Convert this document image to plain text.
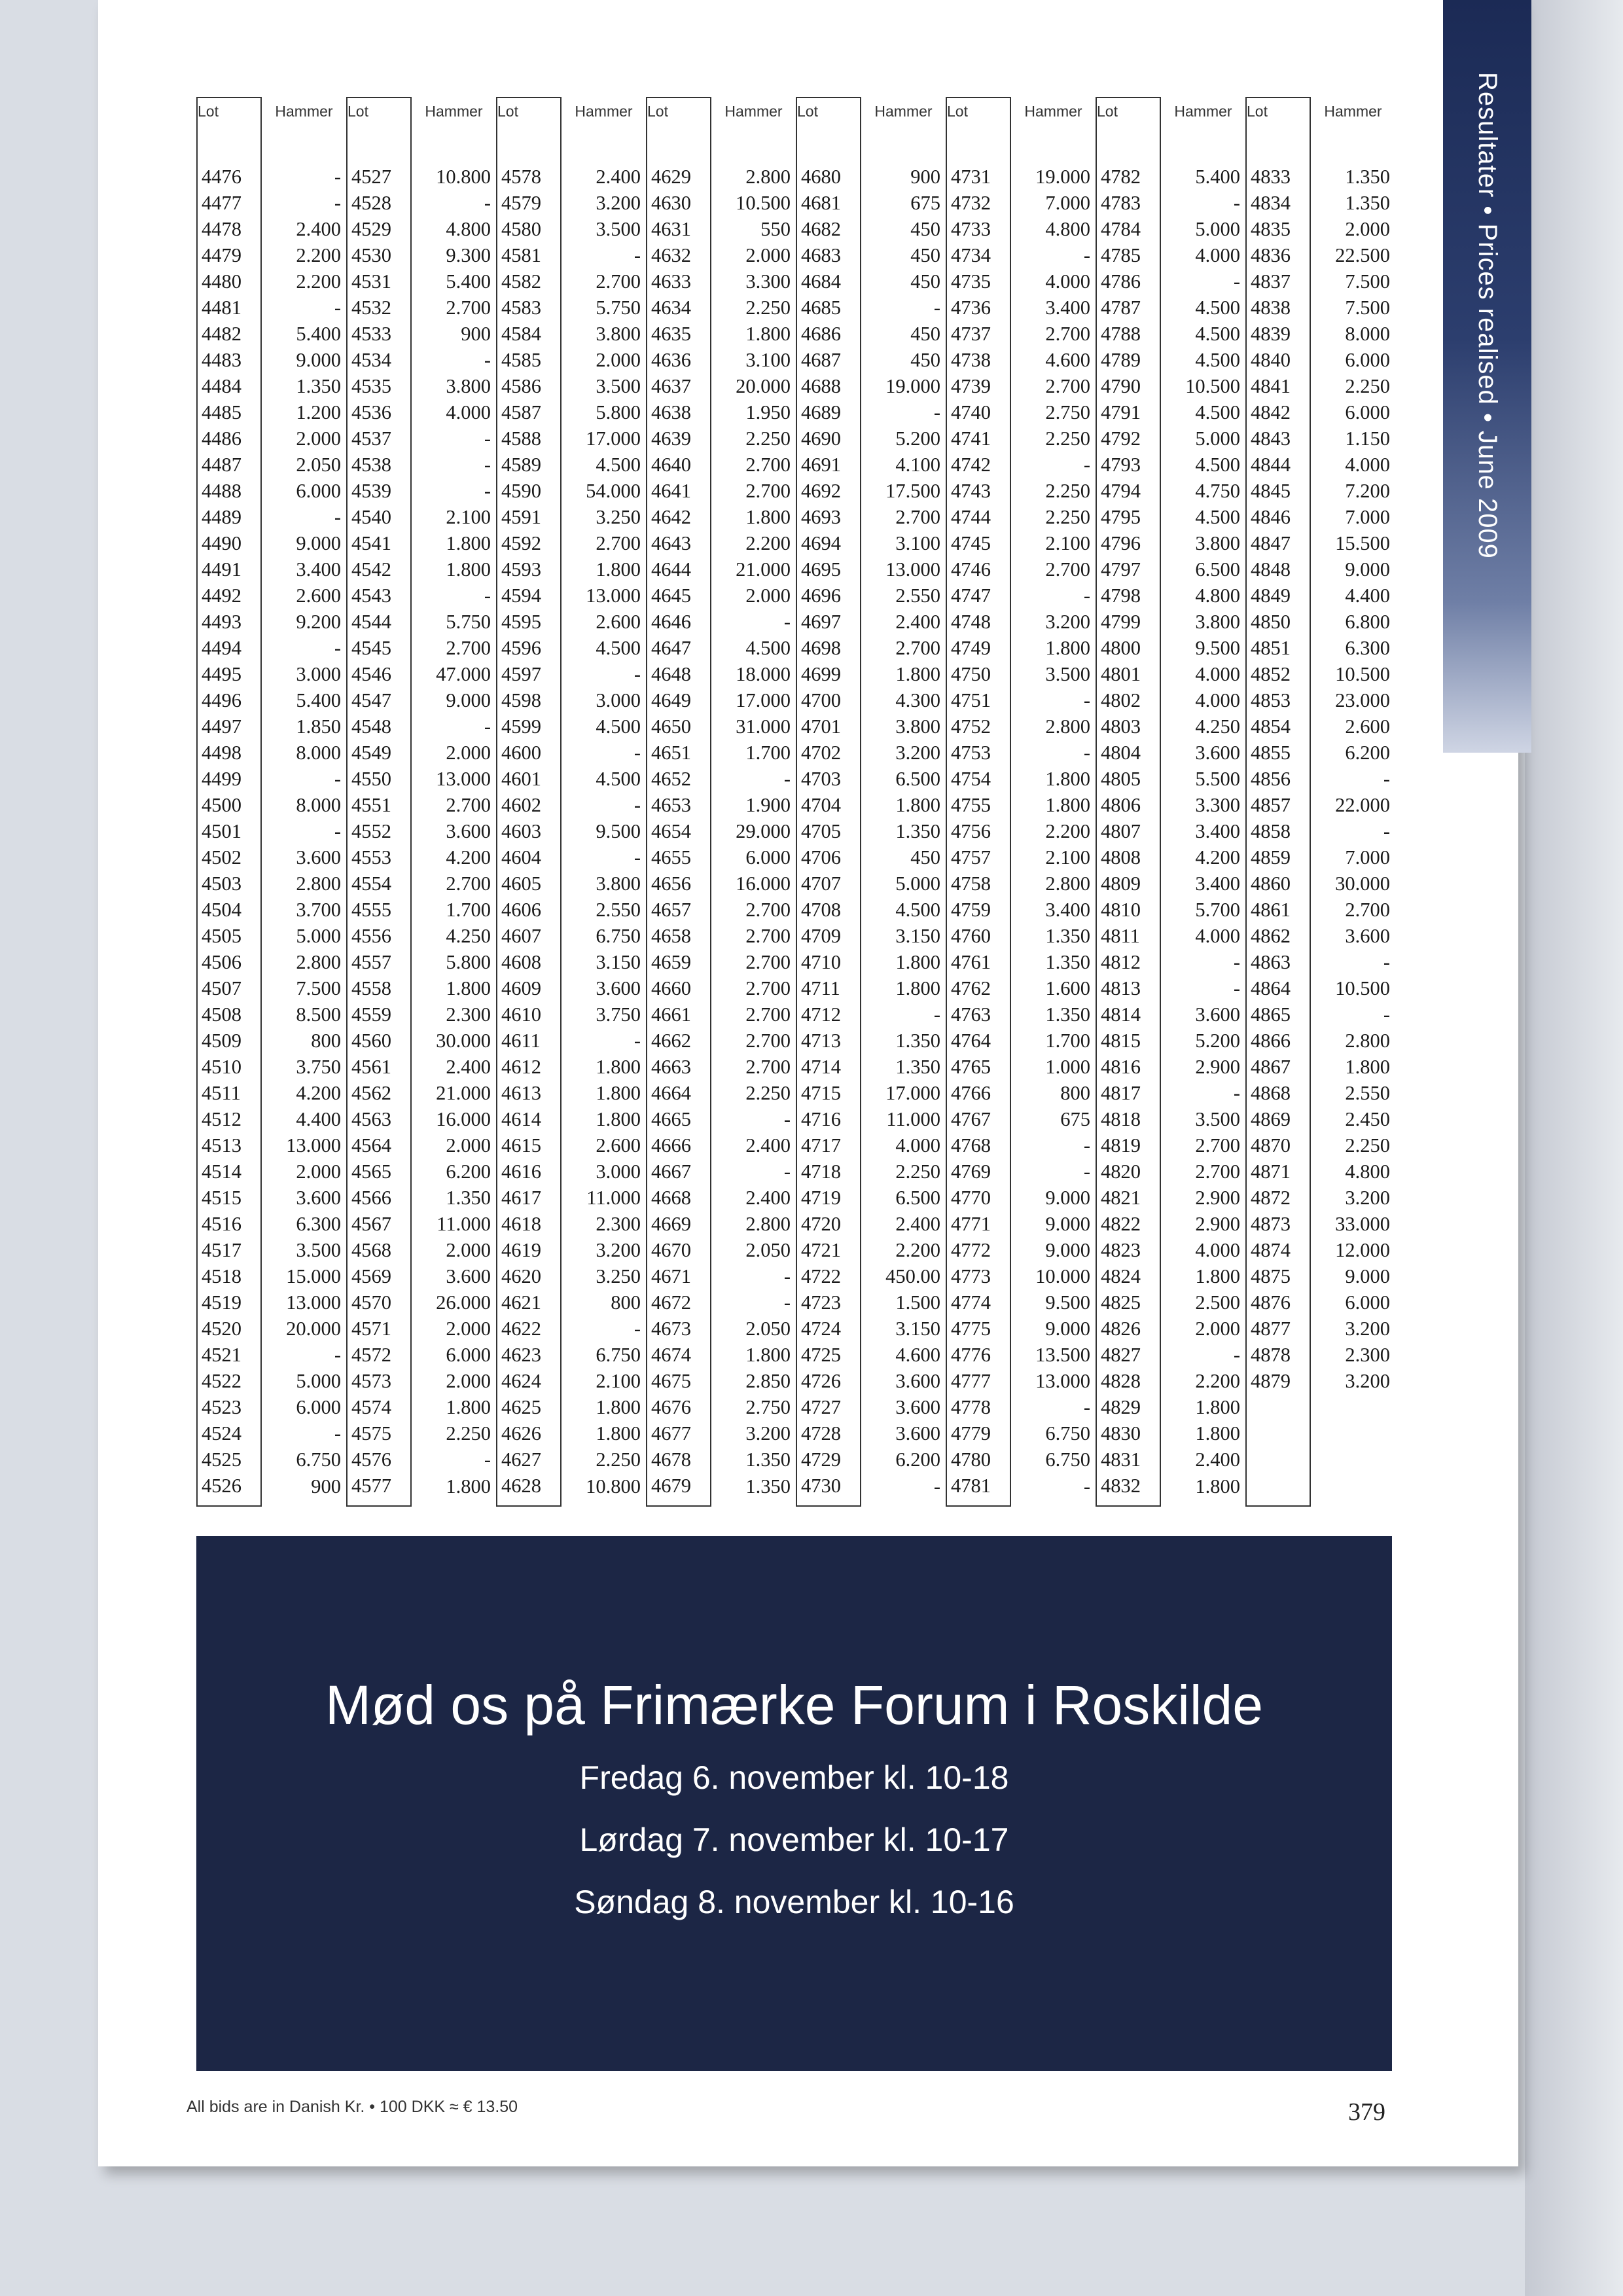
Resultater • Prices realised • June 2009
Lot	Hammer	Lot	Hammer	Lot	Hammer	Lot	Hammer	Lot	Hammer	Lot	Hammer	Lot	Hammer	Lot	Hammer

4476	-	4527	10.800	4578	2.400	4629	2.800	4680	900	4731	19.000	4782	5.400	4833	1.350
4477	-	4528	-	4579	3.200	4630	10.500	4681	675	4732	7.000	4783	-	4834	1.350
4478	2.400	4529	4.800	4580	3.500	4631	550	4682	450	4733	4.800	4784	5.000	4835	2.000
4479	2.200	4530	9.300	4581	-	4632	2.000	4683	450	4734	-	4785	4.000	4836	22.500
4480	2.200	4531	5.400	4582	2.700	4633	3.300	4684	450	4735	4.000	4786	-	4837	7.500
4481	-	4532	2.700	4583	5.750	4634	2.250	4685	-	4736	3.400	4787	4.500	4838	7.500
4482	5.400	4533	900	4584	3.800	4635	1.800	4686	450	4737	2.700	4788	4.500	4839	8.000
4483	9.000	4534	-	4585	2.000	4636	3.100	4687	450	4738	4.600	4789	4.500	4840	6.000
4484	1.350	4535	3.800	4586	3.500	4637	20.000	4688	19.000	4739	2.700	4790	10.500	4841	2.250
4485	1.200	4536	4.000	4587	5.800	4638	1.950	4689	-	4740	2.750	4791	4.500	4842	6.000
4486	2.000	4537	-	4588	17.000	4639	2.250	4690	5.200	4741	2.250	4792	5.000	4843	1.150
4487	2.050	4538	-	4589	4.500	4640	2.700	4691	4.100	4742	-	4793	4.500	4844	4.000
4488	6.000	4539	-	4590	54.000	4641	2.700	4692	17.500	4743	2.250	4794	4.750	4845	7.200
4489	-	4540	2.100	4591	3.250	4642	1.800	4693	2.700	4744	2.250	4795	4.500	4846	7.000
4490	9.000	4541	1.800	4592	2.700	4643	2.200	4694	3.100	4745	2.100	4796	3.800	4847	15.500
4491	3.400	4542	1.800	4593	1.800	4644	21.000	4695	13.000	4746	2.700	4797	6.500	4848	9.000
4492	2.600	4543	-	4594	13.000	4645	2.000	4696	2.550	4747	-	4798	4.800	4849	4.400
4493	9.200	4544	5.750	4595	2.600	4646	-	4697	2.400	4748	3.200	4799	3.800	4850	6.800
4494	-	4545	2.700	4596	4.500	4647	4.500	4698	2.700	4749	1.800	4800	9.500	4851	6.300
4495	3.000	4546	47.000	4597	-	4648	18.000	4699	1.800	4750	3.500	4801	4.000	4852	10.500
4496	5.400	4547	9.000	4598	3.000	4649	17.000	4700	4.300	4751	-	4802	4.000	4853	23.000
4497	1.850	4548	-	4599	4.500	4650	31.000	4701	3.800	4752	2.800	4803	4.250	4854	2.600
4498	8.000	4549	2.000	4600	-	4651	1.700	4702	3.200	4753	-	4804	3.600	4855	6.200
4499	-	4550	13.000	4601	4.500	4652	-	4703	6.500	4754	1.800	4805	5.500	4856	-
4500	8.000	4551	2.700	4602	-	4653	1.900	4704	1.800	4755	1.800	4806	3.300	4857	22.000
4501	-	4552	3.600	4603	9.500	4654	29.000	4705	1.350	4756	2.200	4807	3.400	4858	-
4502	3.600	4553	4.200	4604	-	4655	6.000	4706	450	4757	2.100	4808	4.200	4859	7.000
4503	2.800	4554	2.700	4605	3.800	4656	16.000	4707	5.000	4758	2.800	4809	3.400	4860	30.000
4504	3.700	4555	1.700	4606	2.550	4657	2.700	4708	4.500	4759	3.400	4810	5.700	4861	2.700
4505	5.000	4556	4.250	4607	6.750	4658	2.700	4709	3.150	4760	1.350	4811	4.000	4862	3.600
4506	2.800	4557	5.800	4608	3.150	4659	2.700	4710	1.800	4761	1.350	4812	-	4863	-
4507	7.500	4558	1.800	4609	3.600	4660	2.700	4711	1.800	4762	1.600	4813	-	4864	10.500
4508	8.500	4559	2.300	4610	3.750	4661	2.700	4712	-	4763	1.350	4814	3.600	4865	-
4509	800	4560	30.000	4611	-	4662	2.700	4713	1.350	4764	1.700	4815	5.200	4866	2.800
4510	3.750	4561	2.400	4612	1.800	4663	2.700	4714	1.350	4765	1.000	4816	2.900	4867	1.800
4511	4.200	4562	21.000	4613	1.800	4664	2.250	4715	17.000	4766	800	4817	-	4868	2.550
4512	4.400	4563	16.000	4614	1.800	4665	-	4716	11.000	4767	675	4818	3.500	4869	2.450
4513	13.000	4564	2.000	4615	2.600	4666	2.400	4717	4.000	4768	-	4819	2.700	4870	2.250
4514	2.000	4565	6.200	4616	3.000	4667	-	4718	2.250	4769	-	4820	2.700	4871	4.800
4515	3.600	4566	1.350	4617	11.000	4668	2.400	4719	6.500	4770	9.000	4821	2.900	4872	3.200
4516	6.300	4567	11.000	4618	2.300	4669	2.800	4720	2.400	4771	9.000	4822	2.900	4873	33.000
4517	3.500	4568	2.000	4619	3.200	4670	2.050	4721	2.200	4772	9.000	4823	4.000	4874	12.000
4518	15.000	4569	3.600	4620	3.250	4671	-	4722	450.00	4773	10.000	4824	1.800	4875	9.000
4519	13.000	4570	26.000	4621	800	4672	-	4723	1.500	4774	9.500	4825	2.500	4876	6.000
4520	20.000	4571	2.000	4622	-	4673	2.050	4724	3.150	4775	9.000	4826	2.000	4877	3.200
4521	-	4572	6.000	4623	6.750	4674	1.800	4725	4.600	4776	13.500	4827	-	4878	2.300
4522	5.000	4573	2.000	4624	2.100	4675	2.850	4726	3.600	4777	13.000	4828	2.200	4879	3.200
4523	6.000	4574	1.800	4625	1.800	4676	2.750	4727	3.600	4778	-	4829	1.800		
4524	-	4575	2.250	4626	1.800	4677	3.200	4728	3.600	4779	6.750	4830	1.800		
4525	6.750	4576	-	4627	2.250	4678	1.350	4729	6.200	4780	6.750	4831	2.400		
4526	900	4577	1.800	4628	10.800	4679	1.350	4730	-	4781	-	4832	1.800		
Mød os på Frimærke Forum i Roskilde
Fredag 6. november kl. 10-18
Lørdag 7. november kl. 10-17
Søndag 8. november kl. 10-16
All bids are in Danish Kr. • 100 DKK ≈ € 13.50	379
